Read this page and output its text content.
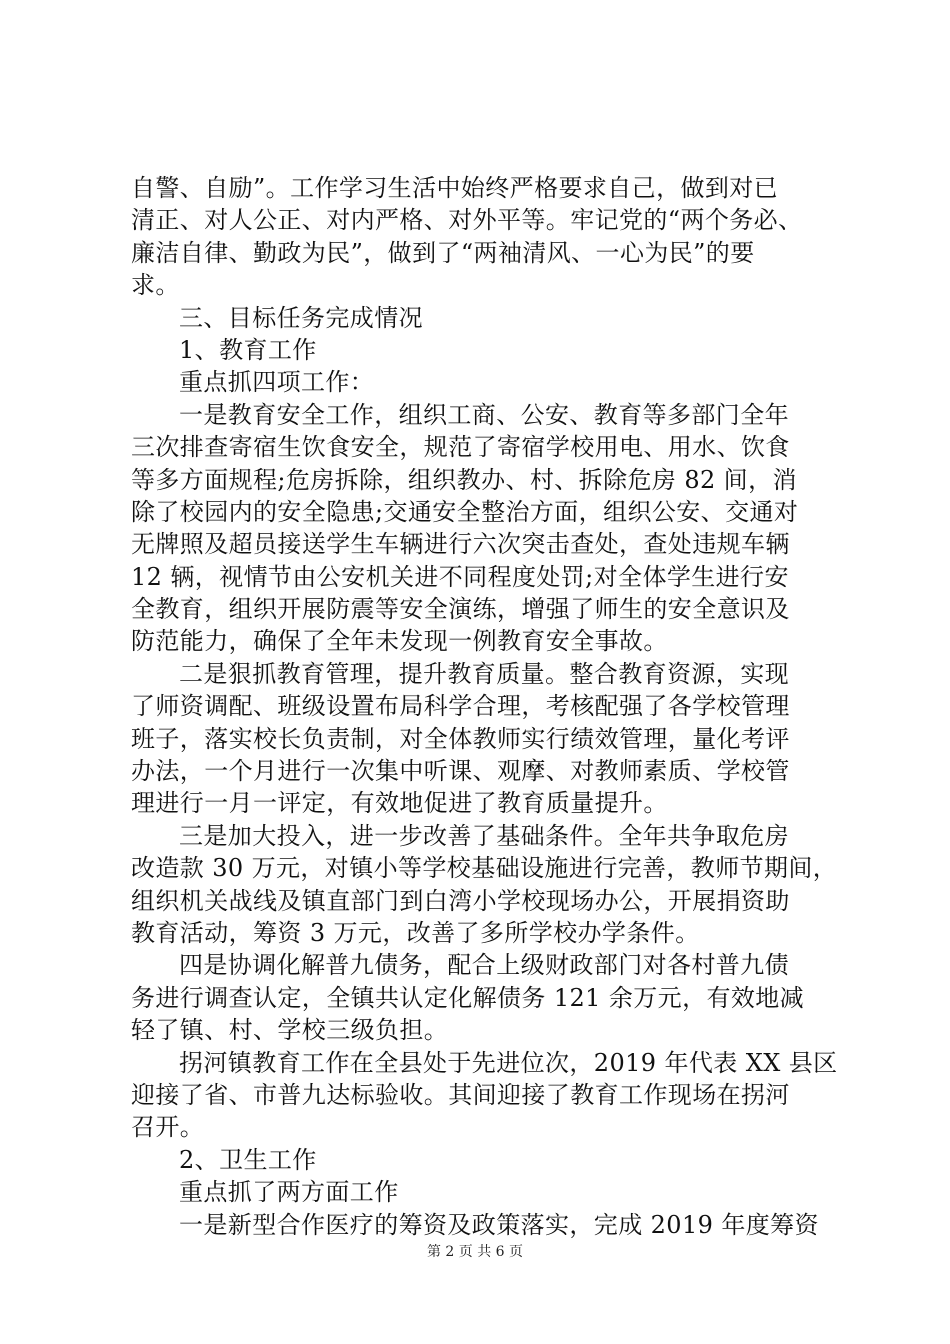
自警、自励”。工作学习生活中始终严格要求自己，做到对已
清正、对人公正、对内严格、对外平等。牢记党的“两个务必、
廉洁自律、勤政为民”，做到了“两袖清风、一心为民”的要
求。
三、目标任务完成情况
1、教育工作
重点抓四项工作：
一是教育安全工作，组织工商、公安、教育等多部门全年
三次排查寄宿生饮食安全，规范了寄宿学校用电、用水、饮食
等多方面规程;危房拆除，组织教办、村、拆除危房 82 间，消
除了校园内的安全隐患;交通安全整治方面，组织公安、交通对
无牌照及超员接送学生车辆进行六次突击查处，查处违规车辆
12 辆，视情节由公安机关进不同程度处罚;对全体学生进行安
全教育，组织开展防震等安全演练，增强了师生的安全意识及
防范能力，确保了全年未发现一例教育安全事故。
二是狠抓教育管理，提升教育质量。整合教育资源，实现
了师资调配、班级设置布局科学合理，考核配强了各学校管理
班子，落实校长负责制，对全体教师实行绩效管理，量化考评
办法，一个月进行一次集中听课、观摩、对教师素质、学校管
理进行一月一评定，有效地促进了教育质量提升。
三是加大投入，进一步改善了基础条件。全年共争取危房
改造款 30 万元，对镇小等学校基础设施进行完善，教师节期间，
组织机关战线及镇直部门到白湾小学校现场办公，开展捐资助
教育活动，筹资 3 万元，改善了多所学校办学条件。
四是协调化解普九债务，配合上级财政部门对各村普九债
务进行调查认定，全镇共认定化解债务 121 余万元，有效地减
轻了镇、村、学校三级负担。
拐河镇教育工作在全县处于先进位次，2019 年代表 XX 县区
迎接了省、市普九达标验收。其间迎接了教育工作现场在拐河
召开。
2、卫生工作
重点抓了两方面工作
一是新型合作医疗的筹资及政策落实，完成 2019 年度筹资
第 2 页 共 6 页
